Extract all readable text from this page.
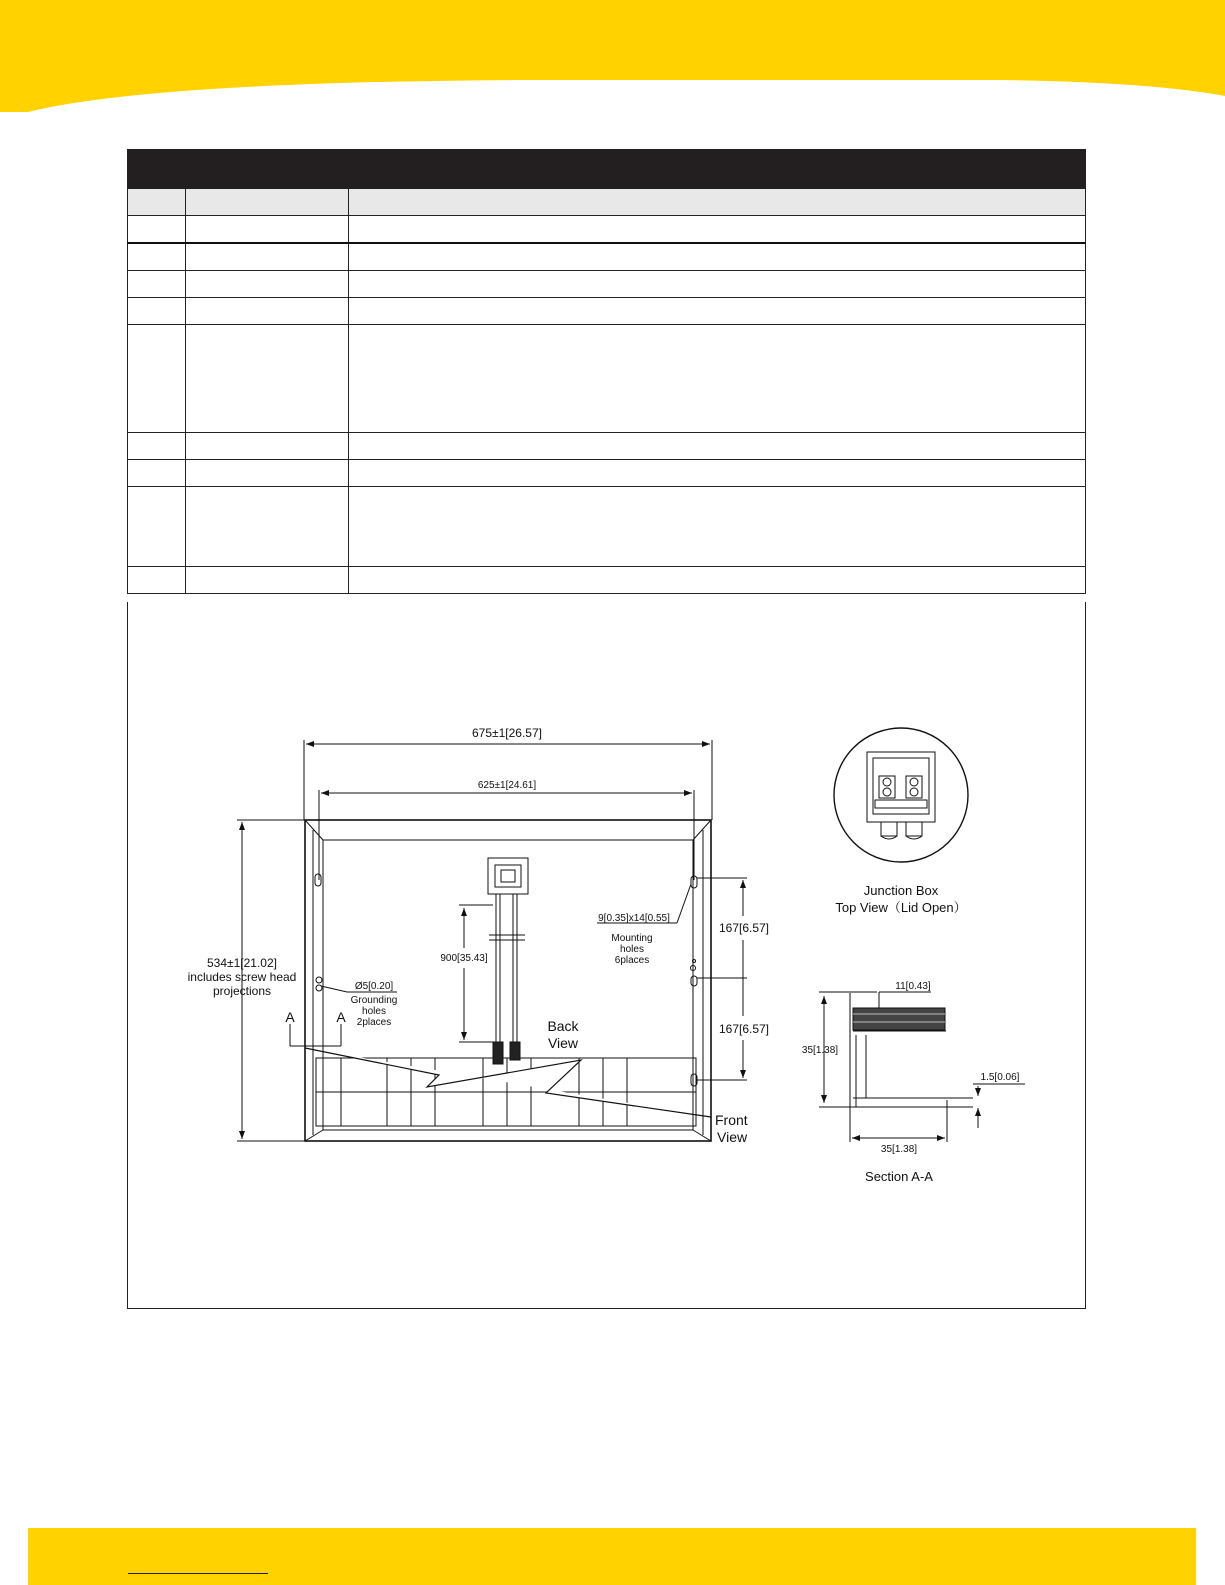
675±1[26.57]
625±1[24.61]
534±1[21.02]
includes screw head
projections	Ø5[0.20]
Grounding
holes
2places
A	A
900[35.43]
9[0.35]x14[0.55]
Mounting
holes
6places
167[6.57]
167[6.57]
Back
View
Front
View
Junction Box
Top View（Lid Open）
11[0.43]
35[1.38]
1.5[0.06]
35[1.38]
Section A-A
